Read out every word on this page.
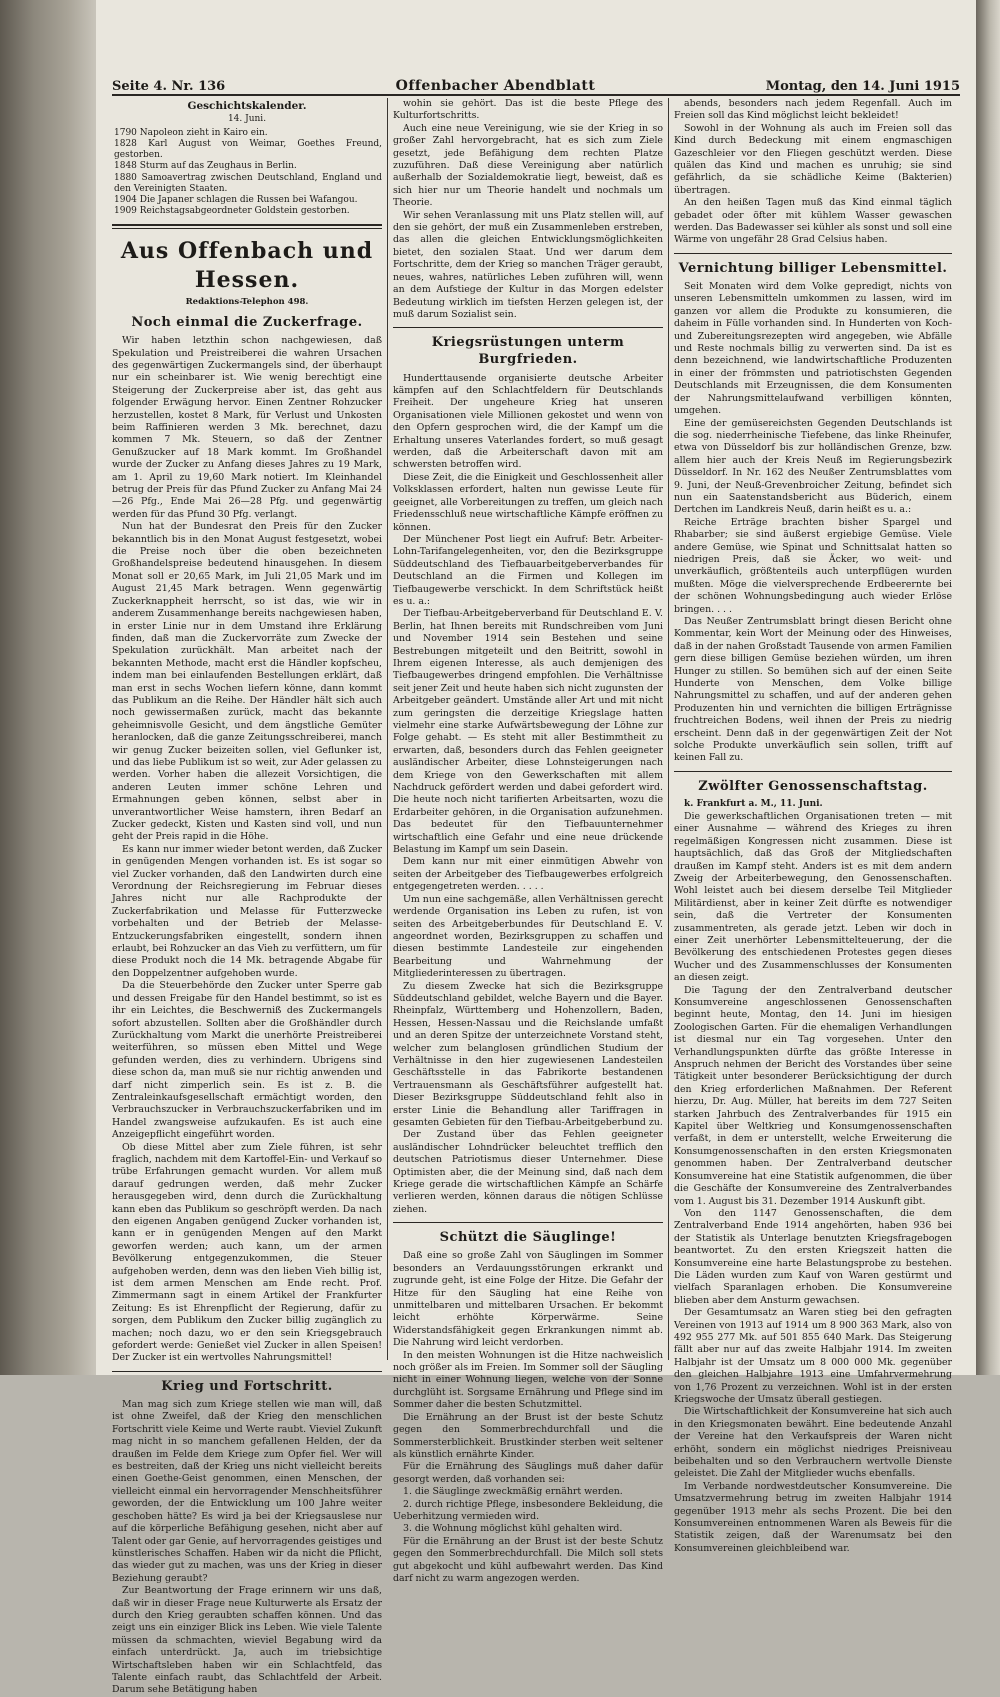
Seite 4. Nr. 136	Offenbacher Abendblatt	Montag, den 14. Juni 1915
Geschichtskalender.
14. Juni.
1790 Napoleon zieht in Kairo ein.
1828 Karl August von Weimar, Goethes Freund, gestorben.
1848 Sturm auf das Zeughaus in Berlin.
1880 Samoavertrag zwischen Deutschland, England und den Vereinigten Staaten.
1904 Die Japaner schlagen die Russen bei Wafangou.
1909 Reichstagsabgeordneter Goldstein gestorben.
Aus Offenbach und Hessen.
Redaktions-Telephon 498.
Noch einmal die Zuckerfrage.

Wir haben letzthin schon nachgewiesen, daß Spekulation und Preistreiberei die wahren Ursachen des gegenwärtigen Zuckermangels sind, der überhaupt nur ein scheinbarer ist. Wie wenig berechtigt eine Steigerung der Zuckerpreise aber ist, das geht aus folgender Erwägung hervor. Einen Zentner Rohzucker herzustellen, kostet 8 Mark, für Verlust und Unkosten beim Raffinieren werden 3 Mk. berechnet, dazu kommen 7 Mk. Steuern, so daß der Zentner Genußzucker auf 18 Mark kommt. Im Großhandel wurde der Zucker zu Anfang dieses Jahres zu 19 Mark, am 1. April zu 19,60 Mark notiert. Im Kleinhandel betrug der Preis für das Pfund Zucker zu Anfang Mai 24—26 Pfg., Ende Mai 26—28 Pfg. und gegenwärtig werden für das Pfund 30 Pfg. verlangt.

Nun hat der Bundesrat den Preis für den Zucker bekanntlich bis in den Monat August festgesetzt, wobei die Preise noch über die oben bezeichneten Großhandelspreise bedeutend hinausgehen. In diesem Monat soll er 20,65 Mark, im Juli 21,05 Mark und im August 21,45 Mark betragen. Wenn gegenwärtig Zuckerknappheit herrscht, so ist das, wie wir in anderem Zusammenhange bereits nachgewiesen haben, in erster Linie nur in dem Umstand ihre Erklärung finden, daß man die Zuckervorräte zum Zwecke der Spekulation zurückhält. Man arbeitet nach der bekannten Methode, macht erst die Händler kopfscheu, indem man bei einlaufenden Bestellungen erklärt, daß man erst in sechs Wochen liefern könne, dann kommt das Publikum an die Reihe. Der Händler hält sich auch noch gewissermaßen zurück, macht das bekannte geheimnisvolle Gesicht, und dem ängstliche Gemüter heranlocken, daß die ganze Zeitungsschreiberei, manch wir genug Zucker beizeiten sollen, viel Geflunker ist, und das liebe Publikum ist so weit, zur Ader gelassen zu werden. Vorher haben die allezeit Vorsichtigen, die anderen Leuten immer schöne Lehren und Ermahnungen geben können, selbst aber in unverantwortlicher Weise hamstern, ihren Bedarf an Zucker gedeckt, Kisten und Kasten sind voll, und nun geht der Preis rapid in die Höhe.

Es kann nur immer wieder betont werden, daß Zucker in genügenden Mengen vorhanden ist. Es ist sogar so viel Zucker vorhanden, daß den Landwirten durch eine Verordnung der Reichsregierung im Februar dieses Jahres nicht nur alle Rachprodukte der Zuckerfabrikation und Melasse für Futterzwecke vorbehalten und der Betrieb der Melasse-Entzuckerungsfabriken eingestellt, sondern ihnen erlaubt, bei Rohzucker an das Vieh zu verfüttern, um für diese Produkt noch die 14 Mk. betragende Abgabe für den Doppelzentner aufgehoben wurde.

Da die Steuerbehörde den Zucker unter Sperre gab und dessen Freigabe für den Handel bestimmt, so ist es ihr ein Leichtes, die Beschwerniß des Zuckermangels sofort abzustellen. Sollten aber die Großhändler durch Zurückhaltung vom Markt die unerhörte Preistreiberei weiterführen, so müssen eben Mittel und Wege gefunden werden, dies zu verhindern. Ubrigens sind diese schon da, man muß sie nur richtig anwenden und darf nicht zimperlich sein. Es ist z. B. die Zentraleinkaufsgesellschaft ermächtigt worden, den Verbrauchszucker in Verbrauchszuckerfabriken und im Handel zwangsweise aufzukaufen. Es ist auch eine Anzeigepflicht eingeführt worden.

Ob diese Mittel aber zum Ziele führen, ist sehr fraglich, nachdem mit dem Kartoffel-Ein- und Verkauf so trübe Erfahrungen gemacht wurden. Vor allem muß darauf gedrungen werden, daß mehr Zucker herausgegeben wird, denn durch die Zurückhaltung kann eben das Publikum so geschröpft werden. Da nach den eigenen Angaben genügend Zucker vorhanden ist, kann er in genügenden Mengen auf den Markt geworfen werden; auch kann, um der armen Bevölkerung entgegenzukommen, die Steuer aufgehoben werden, denn was den lieben Vieh billig ist, ist dem armen Menschen am Ende recht. Prof. Zimmermann sagt in einem Artikel der Frankfurter Zeitung: Es ist Ehrenpflicht der Regierung, dafür zu sorgen, dem Publikum den Zucker billig zugänglich zu machen; noch dazu, wo er den sein Kriegsgebrauch gefordert werde: Genießet viel Zucker in allen Speisen! Der Zucker ist ein wertvolles Nahrungsmittel!

Krieg und Fortschritt.

Man mag sich zum Kriege stellen wie man will, daß ist ohne Zweifel, daß der Krieg den menschlichen Fortschritt viele Keime und Werte raubt. Vieviel Zukunft mag nicht in so manchem gefallenen Helden, der da draußen im Felde dem Kriege zum Opfer fiel. Wer will es bestreiten, daß der Krieg uns nicht vielleicht bereits einen Goethe-Geist genommen, einen Menschen, der vielleicht einmal ein hervorragender Menschheitsführer geworden, der die Entwicklung um 100 Jahre weiter geschoben hätte? Es wird ja bei der Kriegsauslese nur auf die körperliche Befähigung gesehen, nicht aber auf Talent oder gar Geniе, auf hervorragendes geistiges und künstlerisches Schaffen. Haben wir da nicht die Pflicht, das wieder gut zu machen, was uns der Krieg in dieser Beziehung geraubt?

Zur Beantwortung der Frage erinnern wir uns daß, daß wir in dieser Frage neue Kulturwerte als Ersatz der durch den Krieg geraubten schaffen können. Und das zeigt uns ein einziger Blick ins Leben. Wie viele Talente müssen da schmachten, wieviel Begabung wird da einfach unterdrückt. Ja, auch im triebsichtige Wirtschaftsleben haben wir ein Schlachtfeld, das Talente einfach raubt, das Schlachtfeld der Arbeit. Darum sehe Betätigung haben

wohin sie gehört. Das ist die beste Pflege des Kulturfortschritts.

Auch eine neue Vereinigung, wie sie der Krieg in so großer Zahl hervorgebracht, hat es sich zum Ziele gesetzt, jede Befähigung dem rechten Platze zuzuführen. Daß diese Vereinigung aber natürlich außerhalb der Sozialdemokratie liegt, beweist, daß es sich hier nur um Theorie handelt und nochmals um Theorie.

Wir sehen Veranlassung mit uns Platz stellen will, auf den sie gehört, der muß ein Zusammenleben erstreben, das allen die gleichen Entwicklungsmöglichkeiten bietet, den sozialen Staat. Und wer darum dem Fortschritte, dem der Krieg so manchen Träger geraubt, neues, wahres, natürliches Leben zuführen will, wenn an dem Aufstiege der Kultur in das Morgen edelster Bedeutung wirklich im tiefsten Herzen gelegen ist, der muß darum Sozialist sein.

Kriegsrüstungen unterm Burgfrieden.

Hunderttausende organisierte deutsche Arbeiter kämpfen auf den Schlachtfeldern für Deutschlands Freiheit. Der ungeheure Krieg hat unseren Organisationen viele Millionen gekostet und wenn von den Opfern gesprochen wird, die der Kampf um die Erhaltung unseres Vaterlandes fordert, so muß gesagt werden, daß die Arbeiterschaft davon mit am schwersten betroffen wird.

Diese Zeit, die die Einigkeit und Geschlossenheit aller Volksklassen erfordert, halten nun gewisse Leute für geeignet, alle Vorbereitungen zu treffen, um gleich nach Friedensschluß neue wirtschaftliche Kämpfe eröffnen zu können.

Der Münchener Post liegt ein Aufruf: Betr. Arbeiter-Lohn-Tarifangelegenheiten, vor, den die Bezirksgruppe Süddeutschland des Tiefbauarbeitgeberverbandes für Deutschland an die Firmen und Kollegen im Tiefbaugewerbe verschickt. In dem Schriftstück heißt es u. a.:

Der Tiefbau-Arbeitgeberverband für Deutschland E. V. Berlin, hat Ihnen bereits mit Rundschreiben vom Juni und November 1914 sein Bestehen und seine Bestrebungen mitgeteilt und den Beitritt, sowohl in Ihrem eigenen Interesse, als auch demjenigen des Tiefbaugewerbes dringend empfohlen. Die Verhältnisse seit jener Zeit und heute haben sich nicht zugunsten der Arbeitgeber geändert. Umstände aller Art und mit nicht zum geringsten die derzeitige Kriegslage hatten vielmehr eine starke Aufwärtsbewegung der Löhne zur Folge gehabt. — Es steht mit aller Bestimmtheit zu erwarten, daß, besonders durch das Fehlen geeigneter ausländischer Arbeiter, diese Lohnsteigerungen nach dem Kriege von den Gewerkschaften mit allem Nachdruck gefördert werden und dabei gefordert wird. Die heute noch nicht tarifierten Arbeitsarten, wozu die Erdarbeiter gehören, in die Organisation aufzunehmen. Das bedeutet für den Tiefbauunternehmer wirtschaftlich eine Gefahr und eine neue drückende Belastung im Kampf um sein Dasein.

Dem kann nur mit einer einmütigen Abwehr von seiten der Arbeitgeber des Tiefbaugewerbes erfolgreich entgegengetreten werden. . . . .

Um nun eine sachgemäße, allen Verhältnissen gerecht werdende Organisation ins Leben zu rufen, ist von seiten des Arbeitgeberbundes für Deutschland E. V. angeordnet worden, Bezirksgruppen zu schaffen und diesen bestimmte Landesteile zur eingehenden Bearbeitung und Wahrnehmung der Mitgliederinteressen zu übertragen.

Zu diesem Zwecke hat sich die Bezirksgruppe Süddeutschland gebildet, welche Bayern und die Bayer. Rheinpfalz, Württemberg und Hohenzollern, Baden, Hessen, Hessen-Nassau und die Reichslande umfaßt und an deren Spitze der unterzeichnete Vorstand steht, welcher zum belanglosen gründlichen Studium der Verhältnisse in den hier zugewiesenen Landesteilen Geschäftsstelle in das Fabrikorte bestandenen Vertrauensmann als Geschäftsführer aufgestellt hat. Dieser Bezirksgruppe Süddeutschland fehlt also in erster Linie die Behandlung aller Tariffragen in gesamten Gebieten für den Tiefbau-Arbeitgeberbund zu.

Der Zustand über das Fehlen geeigneter ausländischer Lohndrücker beleuchtet trefflich den deutschen Patriotismus dieser Unternehmer. Diese Optimisten aber, die der Meinung sind, daß nach dem Kriege gerade die wirtschaftlichen Kämpfe an Schärfe verlieren werden, können daraus die nötigen Schlüsse ziehen.

Schützt die Säuglinge!

Daß eine so große Zahl von Säuglingen im Sommer besonders an Verdauungsstörungen erkrankt und zugrunde geht, ist eine Folge der Hitze. Die Gefahr der Hitze für den Säugling hat eine Reihe von unmittelbaren und mittelbaren Ursachen. Er bekommt leicht erhöhte Körperwärme. Seine Widerstandsfähigkeit gegen Erkrankungen nimmt ab. Die Nahrung wird leicht verdorben.

In den meisten Wohnungen ist die Hitze nachweislich noch größer als im Freien. Im Sommer soll der Säugling nicht in einer Wohnung liegen, welche von der Sonne durchglüht ist. Sorgsame Ernährung und Pflege sind im Sommer daher die besten Schutzmittel.

Die Ernährung an der Brust ist der beste Schutz gegen den Sommerbrechdurchfall und die Sommersterblichkeit. Brustkinder sterben weit seltener als künstlich ernährte Kinder.

Für die Ernährung des Säuglings muß daher dafür gesorgt werden, daß vorhanden sei:

1. die Säuglinge zweckmäßig ernährt werden.

2. durch richtige Pflege, insbesondere Bekleidung, die Ueberhitzung vermieden wird.

3. die Wohnung möglichst kühl gehalten wird.

Für die Ernährung an der Brust ist der beste Schutz gegen den Sommerbrechdurchfall. Die Milch soll stets gut abgekocht und kühl aufbewahrt werden. Das Kind darf nicht zu warm angezogen werden.

abends, besonders nach jedem Regenfall. Auch im Freien soll das Kind möglichst leicht bekleidet!

Sowohl in der Wohnung als auch im Freien soll das Kind durch Bedeckung mit einem engmaschigen Gazeschleier vor den Fliegen geschützt werden. Diese quälen das Kind und machen es unruhig; sie sind gefährlich, da sie schädliche Keime (Bakterien) übertragen.

An den heißen Tagen muß das Kind einmal täglich gebadet oder öfter mit kühlem Wasser gewaschen werden. Das Badewasser sei kühler als sonst und soll eine Wärme von ungefähr 28 Grad Celsius haben.

Vernichtung billiger Lebensmittel.

Seit Monaten wird dem Volke gepredigt, nichts von unseren Lebensmitteln umkommen zu lassen, wird im ganzen vor allem die Produkte zu konsumieren, die daheim in Fülle vorhanden sind. In Hunderten von Koch- und Zubereitungsrezepten wird angegeben, wie Abfälle und Reste nochmals billig zu verwerten sind. Da ist es denn bezeichnend, wie landwirtschaftliche Produzenten in einer der frömmsten und patriotischsten Gegenden Deutschlands mit Erzeugnissen, die dem Konsumenten der Nahrungsmittelaufwand verbilligen könnten, umgehen.

Eine der gemüsereichsten Gegenden Deutschlands ist die sog. niederrheinische Tiefebene, das linke Rheinufer, etwa von Düsseldorf bis zur holländischen Grenze, bzw. allem hier auch der Kreis Neuß im Regierungsbezirk Düsseldorf. In Nr. 162 des Neußer Zentrumsblattes vom 9. Juni, der Neuß-Grevenbroicher Zeitung, befindet sich nun ein Saatenstandsbericht aus Büderich, einem Dertchen im Landkreis Neuß, darin heißt es u. a.:

Reiche Erträge brachten bisher Spargel und Rhabarber; sie sind äußerst ergiebige Gemüse. Viele andere Gemüse, wie Spinat und Schnittsalat hatten so niedrigen Preis, daß sie Äcker, wo weit- und unverkäuflich, größtenteils auch unterpflügen wurden mußten. Möge die vielversprechende Erdbeerernte bei der schönen Wohnungsbedingung auch wieder Erlöse bringen. . . .

Das Neußer Zentrumsblatt bringt diesen Bericht ohne Kommentar, kein Wort der Meinung oder des Hinweises, daß in der nahen Großstadt Tausende von armen Familien gern diese billigen Gemüse beziehen würden, um ihren Hunger zu stillen. So bemühen sich auf der einen Seite Hunderte von Menschen, dem Volke billige Nahrungsmittel zu schaffen, und auf der anderen gehen Produzenten hin und vernichten die billigen Erträgnisse fruchtreichen Bodens, weil ihnen der Preis zu niedrig erscheint. Denn daß in der gegenwärtigen Zeit der Not solche Produkte unverkäuflich sein sollen, trifft auf keinen Fall zu.

Zwölfter Genossenschaftstag.

k. Frankfurt a. M., 11. Juni.

Die gewerkschaftlichen Organisationen treten — mit einer Ausnahme — während des Krieges zu ihren regelmäßigen Kongressen nicht zusammen. Diese ist hauptsächlich, daß das Groß der Mitgliedschaften draußen im Kampf steht. Anders ist es mit dem andern Zweig der Arbeiterbewegung, den Genossenschaften. Wohl leistet auch bei diesem derselbe Teil Mitglieder Militärdienst, aber in keiner Zeit dürfte es notwendiger sein, daß die Vertreter der Konsumenten zusammentreten, als gerade jetzt. Leben wir doch in einer Zeit unerhörter Lebensmittelteuerung, der die Bevölkerung des entschiedenen Protestes gegen dieses Wucher und des Zusammenschlusses der Konsumenten an diesen zeigt.

Die Tagung der den Zentralverband deutscher Konsumvereine angeschlossenen Genossenschaften beginnt heute, Montag, den 14. Juni im hiesigen Zoologischen Garten. Für die ehemaligen Verhandlungen ist diesmal nur ein Tag vorgesehen. Unter den Verhandlungspunkten dürfte das größte Interesse in Anspruch nehmen der Bericht des Vorstandes über seine Tätigkeit unter besonderer Berücksichtigung der durch den Krieg erforderlichen Maßnahmen. Der Referent hierzu, Dr. Aug. Müller, hat bereits im dem 727 Seiten starken Jahrbuch des Zentralverbandes für 1915 ein Kapitel über Weltkrieg und Konsumgenossenschaften verfaßt, in dem er unterstellt, welche Erweiterung die Konsumgenossenschaften in den ersten Kriegsmonaten genommen haben. Der Zentralverband deutscher Konsumvereine hat eine Statistik aufgenommen, die über die Geschäfte der Konsumvereine des Zentralverbandes vom 1. August bis 31. Dezember 1914 Auskunft gibt.

Von den 1147 Genossenschaften, die dem Zentralverband Ende 1914 angehörten, haben 936 bei der Statistik als Unterlage benutzten Kriegsfragebogen beantwortet. Zu den ersten Kriegszeit hatten die Konsumvereine eine harte Belastungsprobe zu bestehen. Die Läden wurden zum Kauf von Waren gestürmt und vielfach Sparanlagen erhoben. Die Konsumvereine blieben aber dem Ansturm gewachsen.

Der Gesamtumsatz an Waren stieg bei den gefragten Vereinen von 1913 auf 1914 um 8 900 363 Mark, also von 492 955 277 Mk. auf 501 855 640 Mark. Das Steigerung fällt aber nur auf das zweite Halbjahr 1914. Im zweiten Halbjahr ist der Umsatz um 8 000 000 Mk. gegenüber den gleichen Halbjahre 1913 eine Umfahrvermehrung von 1,76 Prozent zu verzeichnen. Wohl ist in der ersten Kriegswoche der Umsatz überall gestiegen.

Die Wirtschaftlichkeit der Konsumvereine hat sich auch in den Kriegsmonaten bewährt. Eine bedeutende Anzahl der Vereine hat den Verkaufspreis der Waren nicht erhöht, sondern ein möglichst niedriges Preisniveau beibehalten und so den Verbrauchern wertvolle Dienste geleistet. Die Zahl der Mitglieder wuchs ebenfalls.

Im Verbande nordwestdeutscher Konsumvereine. Die Umsatzvermehrung betrug im zweiten Halbjahr 1914 gegenüber 1913 mehr als sechs Prozent. Die bei den Konsumvereinen entnommenen Waren als Beweis für die Statistik zeigen, daß der Warenumsatz bei den Konsumvereinen gleichbleibend war.
